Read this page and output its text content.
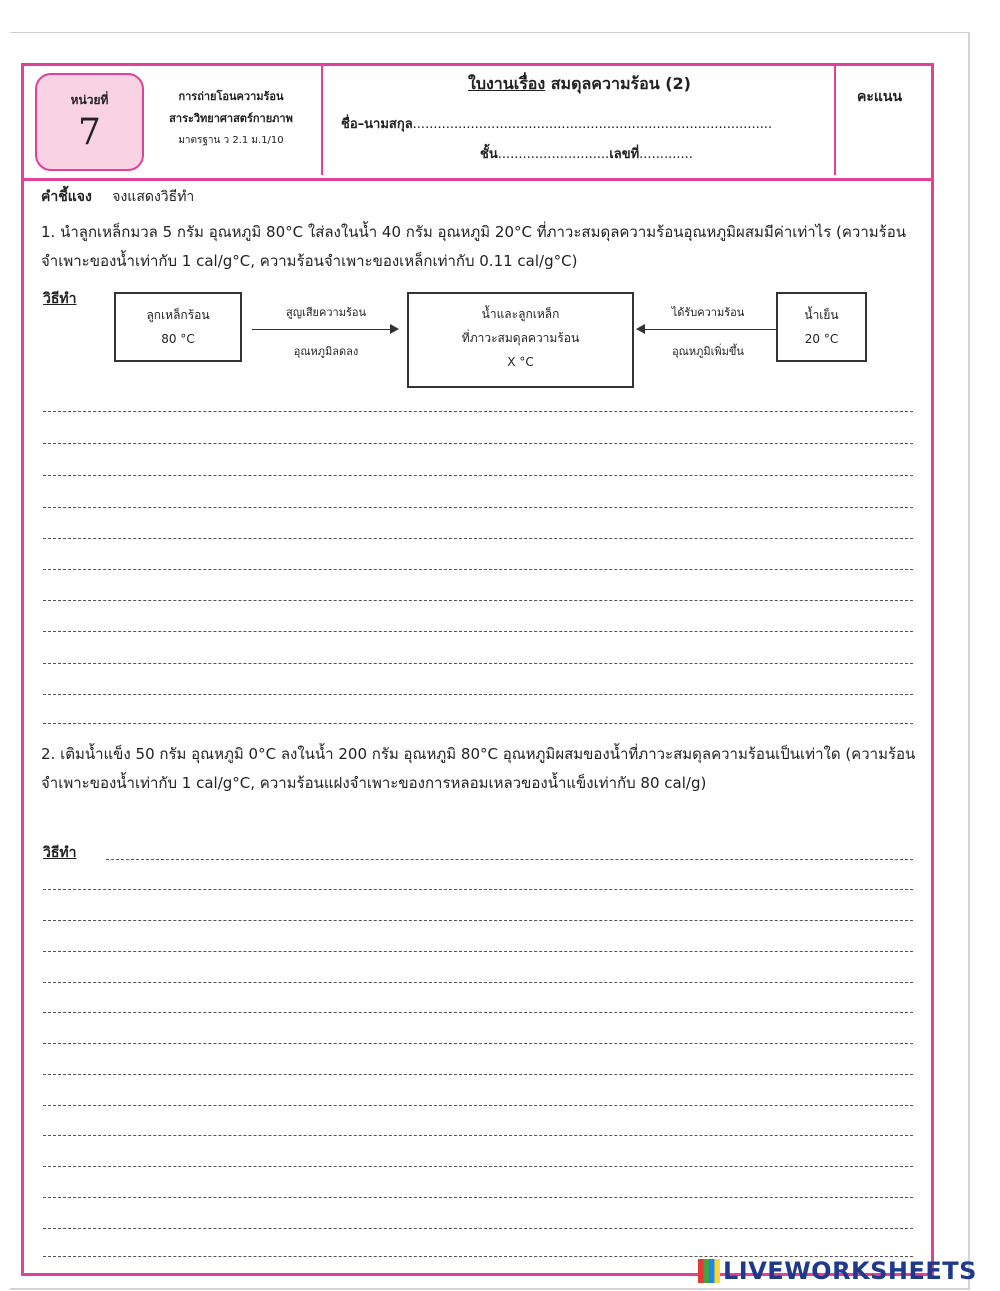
หน่วยที่
7
การถ่ายโอนความร้อน
สาระวิทยาศาสตร์กายภาพ
มาตรฐาน ว 2.1 ม.1/10
ใบงานเรื่อง สมดุลความร้อน (2)
ชื่อ–นามสกุล.......................................................................................
ชั้น...........................เลขที่.............
คะแนน
คำชี้แจง จงแสดงวิธีทำ
1. นำลูกเหล็กมวล 5 กรัม อุณหภูมิ 80°C ใส่ลงในน้ำ 40 กรัม อุณหภูมิ 20°C ที่ภาวะสมดุลความร้อนอุณหภูมิผสมมีค่าเท่าไร (ความร้อนจำเพาะของน้ำเท่ากับ 1 cal/g°C, ความร้อนจำเพาะของเหล็กเท่ากับ 0.11 cal/g°C)
วิธีทำ
ลูกเหล็กร้อน
80 °C
สูญเสียความร้อน
อุณหภูมิลดลง
น้ำและลูกเหล็ก
ที่ภาวะสมดุลความร้อน
X °C
ได้รับความร้อน
อุณหภูมิเพิ่มขึ้น
น้ำเย็น
20 °C
2. เติมน้ำแข็ง 50 กรัม อุณหภูมิ 0°C ลงในน้ำ 200 กรัม อุณหภูมิ 80°C อุณหภูมิผสมของน้ำที่ภาวะสมดุลความร้อนเป็นเท่าใด (ความร้อนจำเพาะของน้ำเท่ากับ 1 cal/g°C, ความร้อนแฝงจำเพาะของการหลอมเหลวของน้ำแข็งเท่ากับ 80 cal/g)
วิธีทำ
LIVEWORKSHEETS
